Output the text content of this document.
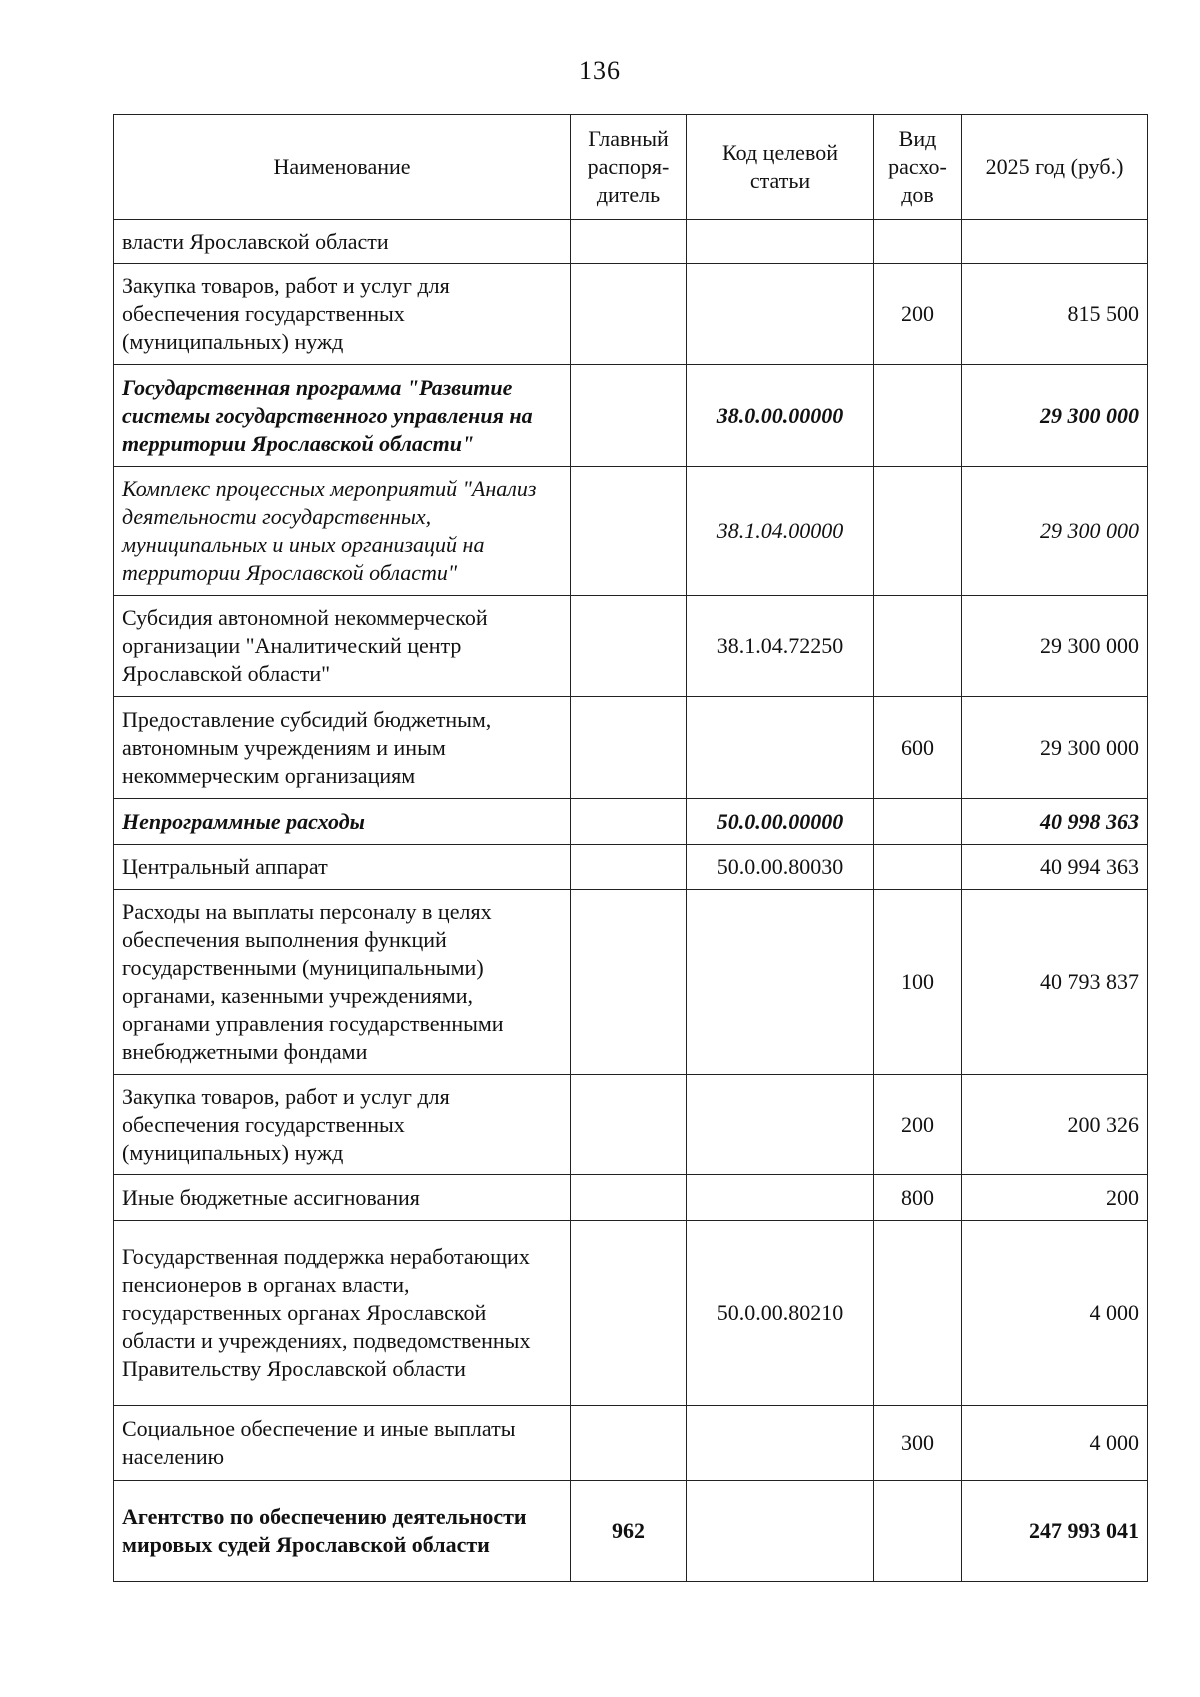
136
Наименование	Главный распоря-дитель	Код целевой статьи	Вид расхо-дов	2025 год (руб.)
власти Ярославской области				
Закупка товаров, работ и услуг для обеспечения государственных (муниципальных) нужд			200	815 500
Государственная программа "Развитие системы государственного управления на территории Ярославской области"		38.0.00.00000		29 300 000
Комплекс процессных мероприятий "Анализ деятельности государственных, муниципальных и иных организаций на территории Ярославской области"		38.1.04.00000		29 300 000
Субсидия автономной некоммерческой организации "Аналитический центр Ярославской области"		38.1.04.72250		29 300 000
Предоставление субсидий бюджетным, автономным учреждениям и иным некоммерческим организациям			600	29 300 000
Непрограммные расходы		50.0.00.00000		40 998 363
Центральный аппарат		50.0.00.80030		40 994 363
Расходы на выплаты персоналу в целях обеспечения выполнения функций государственными (муниципальными) органами, казенными учреждениями, органами управления государственными внебюджетными фондами			100	40 793 837
Закупка товаров, работ и услуг для обеспечения государственных (муниципальных) нужд			200	200 326
Иные бюджетные ассигнования			800	200
Государственная поддержка неработающих пенсионеров в органах власти, государственных органах Ярославской области и учреждениях, подведомственных Правительству Ярославской области		50.0.00.80210		4 000
Социальное обеспечение и иные выплаты населению			300	4 000
Агентство по обеспечению деятельности мировых судей Ярославской области	962			247 993 041
